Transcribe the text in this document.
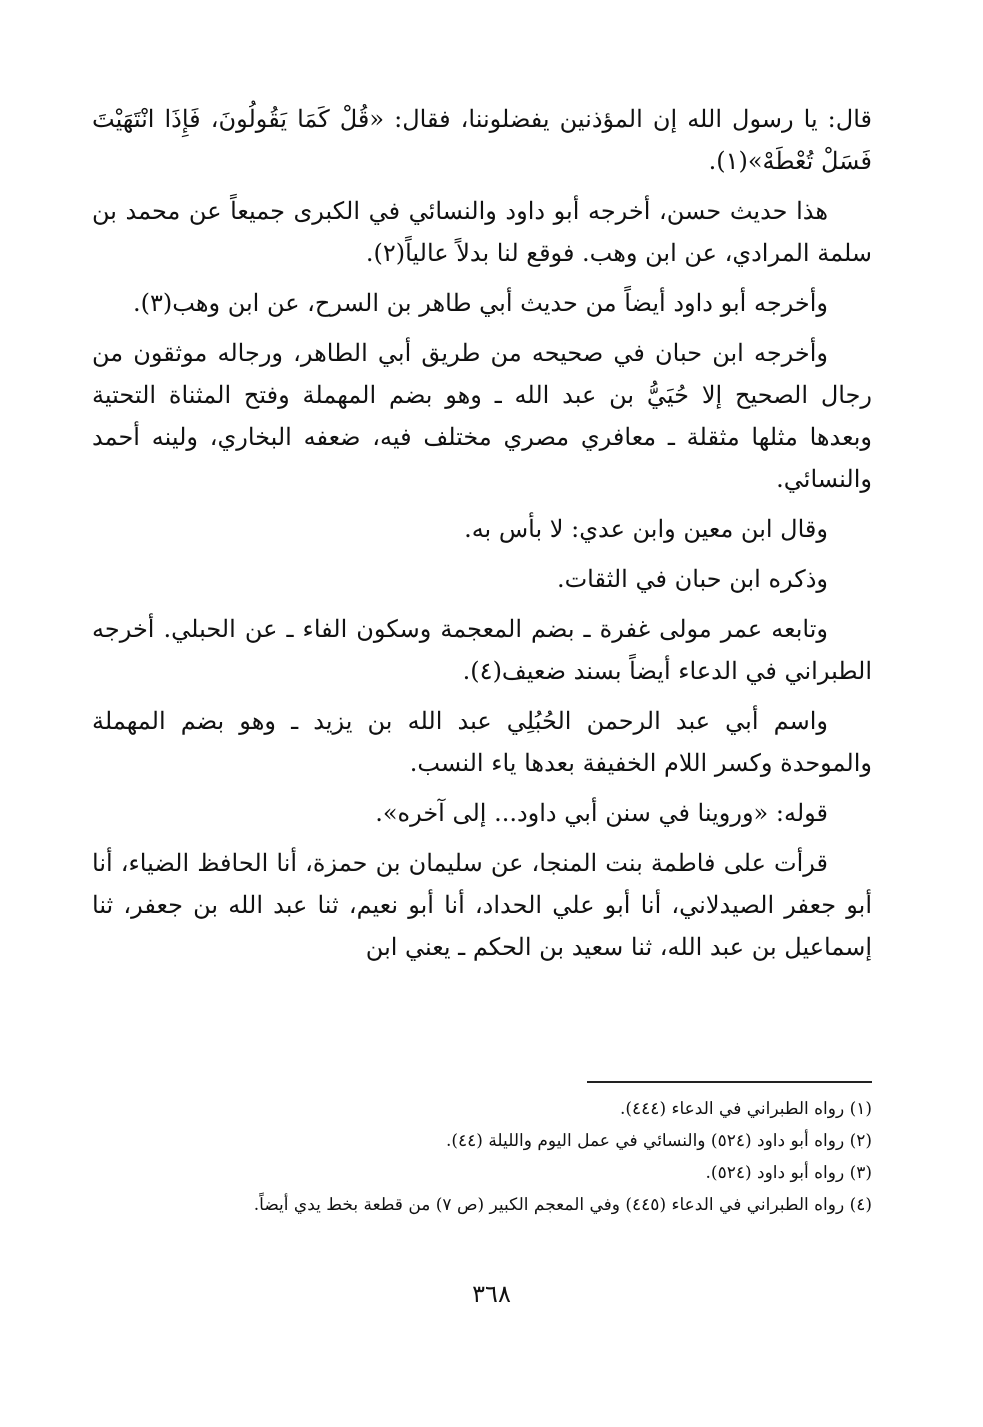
قال: يا رسول الله إن المؤذنين يفضلوننا، فقال: «قُلْ كَمَا يَقُولُونَ، فَإِذَا انْتَهَيْتَ فَسَلْ تُعْطَهْ»(١).

هذا حديث حسن، أخرجه أبو داود والنسائي في الكبرى جميعاً عن محمد بن سلمة المرادي، عن ابن وهب. فوقع لنا بدلاً عالياً(٢).

وأخرجه أبو داود أيضاً من حديث أبي طاهر بن السرح، عن ابن وهب(٣).

وأخرجه ابن حبان في صحيحه من طريق أبي الطاهر، ورجاله موثقون من رجال الصحيح إلا حُيَيُّ بن عبد الله ـ وهو بضم المهملة وفتح المثناة التحتية وبعدها مثلها مثقلة ـ معافري مصري مختلف فيه، ضعفه البخاري، ولينه أحمد والنسائي.

وقال ابن معين وابن عدي: لا بأس به.

وذكره ابن حبان في الثقات.

وتابعه عمر مولى غفرة ـ بضم المعجمة وسكون الفاء ـ عن الحبلي. أخرجه الطبراني في الدعاء أيضاً بسند ضعيف(٤).

واسم أبي عبد الرحمن الحُبُلِي عبد الله بن يزيد ـ وهو بضم المهملة والموحدة وكسر اللام الخفيفة بعدها ياء النسب.

قوله: «وروينا في سنن أبي داود... إلى آخره».

قرأت على فاطمة بنت المنجا، عن سليمان بن حمزة، أنا الحافظ الضياء، أنا أبو جعفر الصيدلاني، أنا أبو علي الحداد، أنا أبو نعيم، ثنا عبد الله بن جعفر، ثنا إسماعيل بن عبد الله، ثنا سعيد بن الحكم ـ يعني ابن

(١) رواه الطبراني في الدعاء (٤٤٤).

(٢) رواه أبو داود (٥٢٤) والنسائي في عمل اليوم والليلة (٤٤).

(٣) رواه أبو داود (٥٢٤).

(٤) رواه الطبراني في الدعاء (٤٤٥) وفي المعجم الكبير (ص ٧) من قطعة بخط يدي أيضاً.

٣٦٨
